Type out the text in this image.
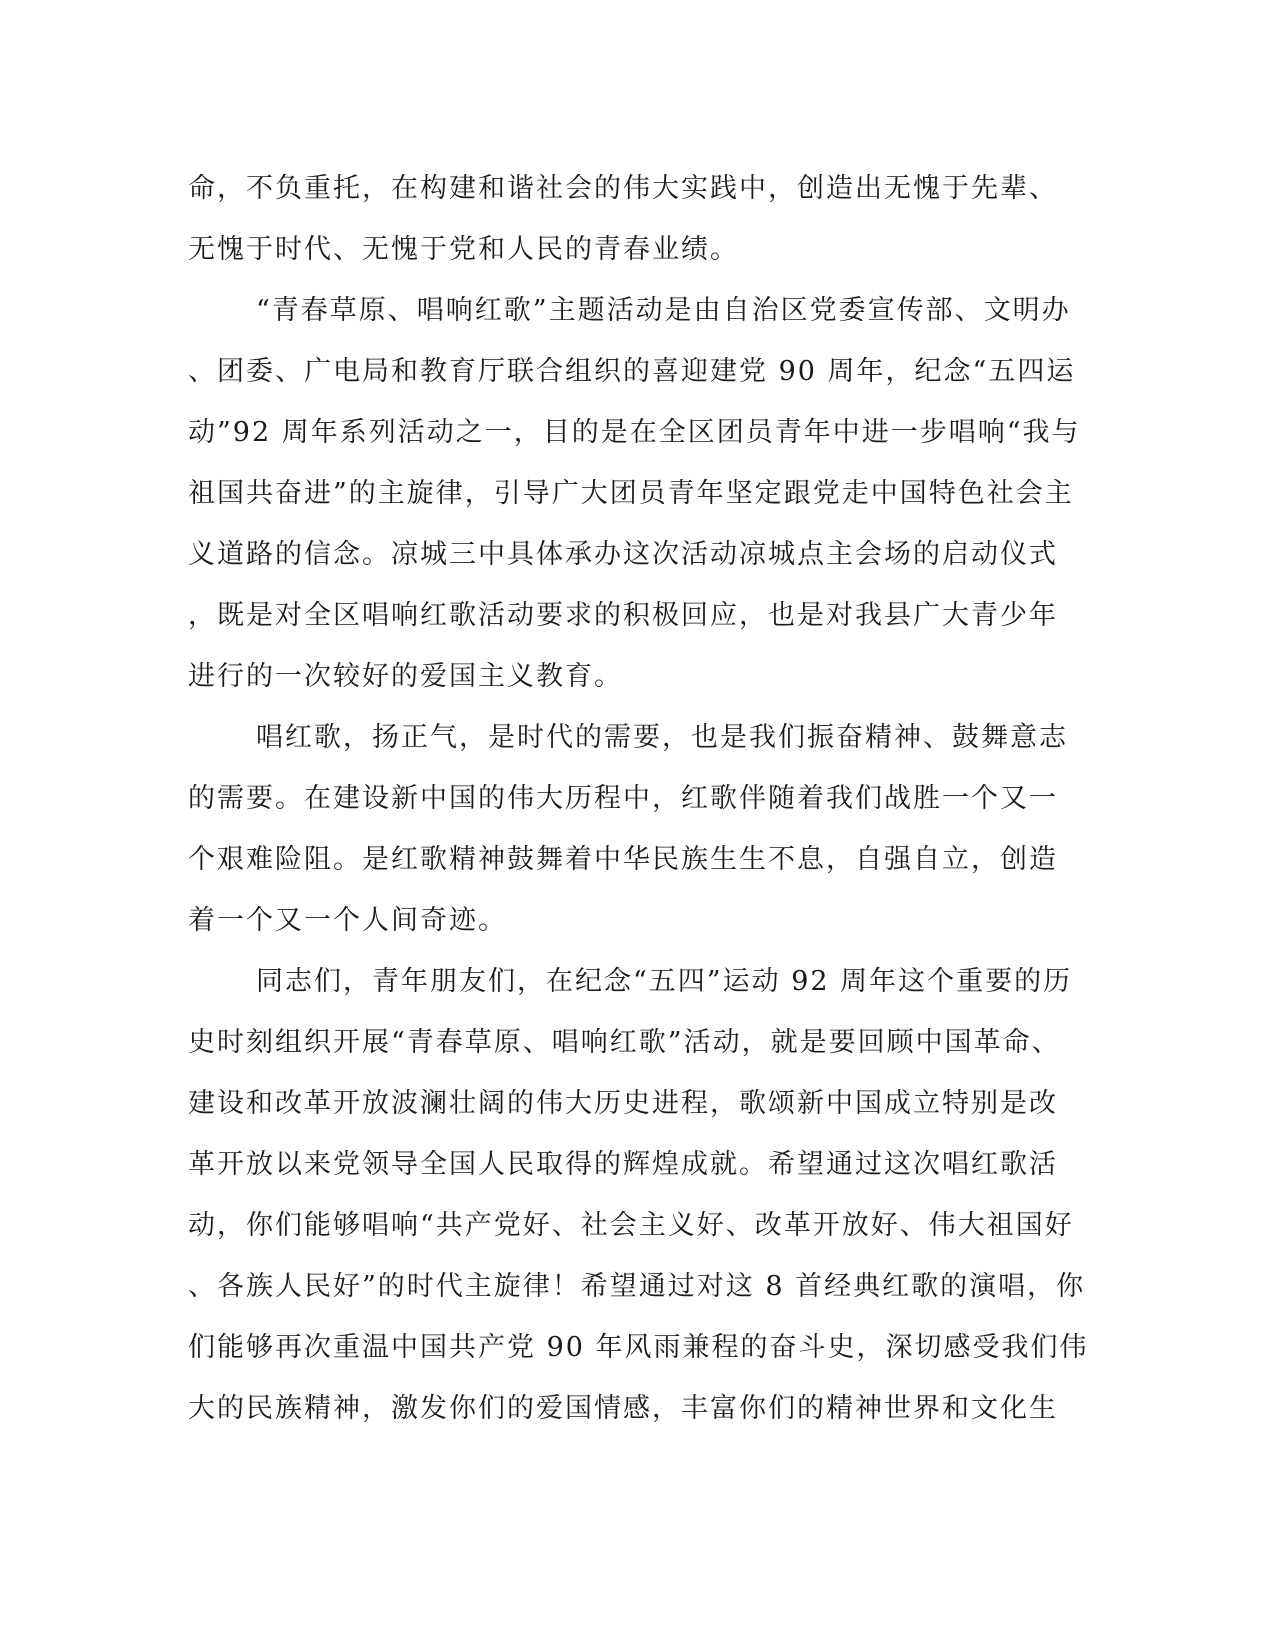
命，不负重托，在构建和谐社会的伟大实践中，创造出无愧于先辈、
无愧于时代、无愧于党和人民的青春业绩。
“青春草原、唱响红歌”主题活动是由自治区党委宣传部、文明办
、团委、广电局和教育厅联合组织的喜迎建党 90 周年，纪念“五四运
动”92 周年系列活动之一，目的是在全区团员青年中进一步唱响“我与
祖国共奋进”的主旋律，引导广大团员青年坚定跟党走中国特色社会主
义道路的信念。凉城三中具体承办这次活动凉城点主会场的启动仪式
，既是对全区唱响红歌活动要求的积极回应，也是对我县广大青少年
进行的一次较好的爱国主义教育。
唱红歌，扬正气，是时代的需要，也是我们振奋精神、鼓舞意志
的需要。在建设新中国的伟大历程中，红歌伴随着我们战胜一个又一
个艰难险阻。是红歌精神鼓舞着中华民族生生不息，自强自立，创造
着一个又一个人间奇迹。
同志们，青年朋友们，在纪念“五四”运动 92 周年这个重要的历
史时刻组织开展“青春草原、唱响红歌”活动，就是要回顾中国革命、
建设和改革开放波澜壮阔的伟大历史进程，歌颂新中国成立特别是改
革开放以来党领导全国人民取得的辉煌成就。希望通过这次唱红歌活
动，你们能够唱响“共产党好、社会主义好、改革开放好、伟大祖国好
、各族人民好”的时代主旋律！希望通过对这 8 首经典红歌的演唱，你
们能够再次重温中国共产党 90 年风雨兼程的奋斗史，深切感受我们伟
大的民族精神，激发你们的爱国情感，丰富你们的精神世界和文化生
